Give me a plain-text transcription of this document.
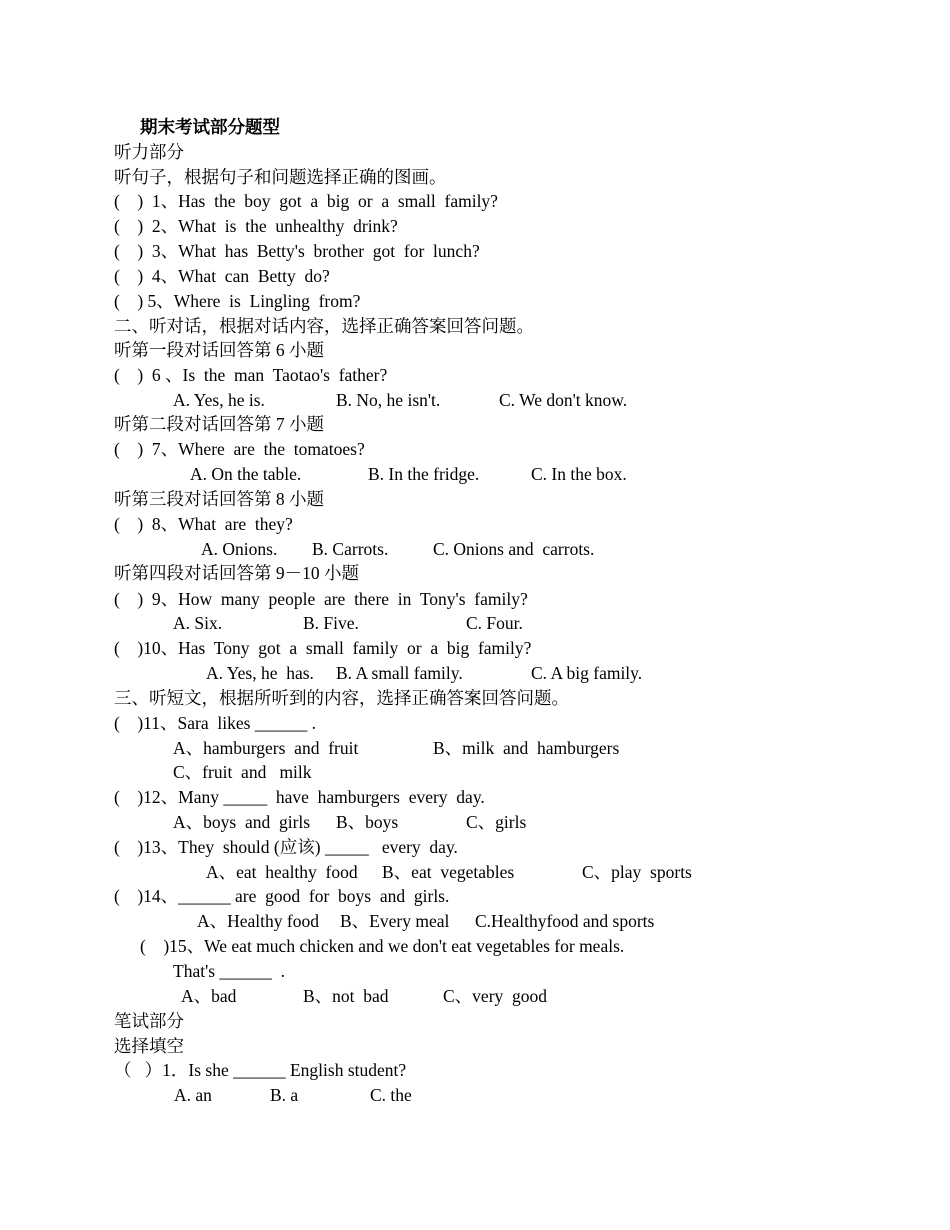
期末考试部分题型
听力部分
听句子，根据句子和问题选择正确的图画。
(    )  1、Has  the  boy  got  a  big  or  a  small  family?
(    )  2、What  is  the  unhealthy  drink?
(    )  3、What  has  Betty's  brother  got  for  lunch?
(    )  4、What  can  Betty  do?
(    ) 5、Where  is  Lingling  from?
二、听对话，根据对话内容，选择正确答案回答问题。
听第一段对话回答第 6 小题
(    )  6 、Is  the  man  Taotao's  father?
A. Yes, he is.	B. No, he isn't.	C. We don't know.
听第二段对话回答第 7 小题
(    )  7、Where  are  the  tomatoes?
A. On the table.	B. In the fridge.	C. In the box.
听第三段对话回答第 8 小题
(    )  8、What  are  they?
A. Onions. B. Carrots.	C. Onions and  carrots.
听第四段对话回答第 9－10 小题
(    )  9、How  many  people  are  there  in  Tony's  family?
A. Six.	B. Five.	C. Four.
(    )10、Has  Tony  got  a  small  family  or  a  big  family?
A. Yes, he  has. B. A small family.	C. A big family.
三、听短文，根据所听到的内容，选择正确答案回答问题。
(    )11、Sara  likes ______ .
A、hamburgers  and  fruit	B、milk  and  hamburgers
C、fruit  and   milk
(    )12、Many _____  have  hamburgers  every  day.
A、boys  and  girls B、boys	C、girls
(    )13、They  should (应该) _____   every  day.
A、eat  healthy  food B、eat  vegetables	C、play  sports
(    )14、______ are  good  for  boys  and  girls.
A、Healthy food B、Every meal C.Healthyfood and sports
(    )15、We eat much chicken and we don't eat vegetables for meals.
That's ______  .
A、bad	B、not  bad	C、very  good
笔试部分
选择填空
（   ）1．Is she ______ English student?
A. an	B. a	C. the
